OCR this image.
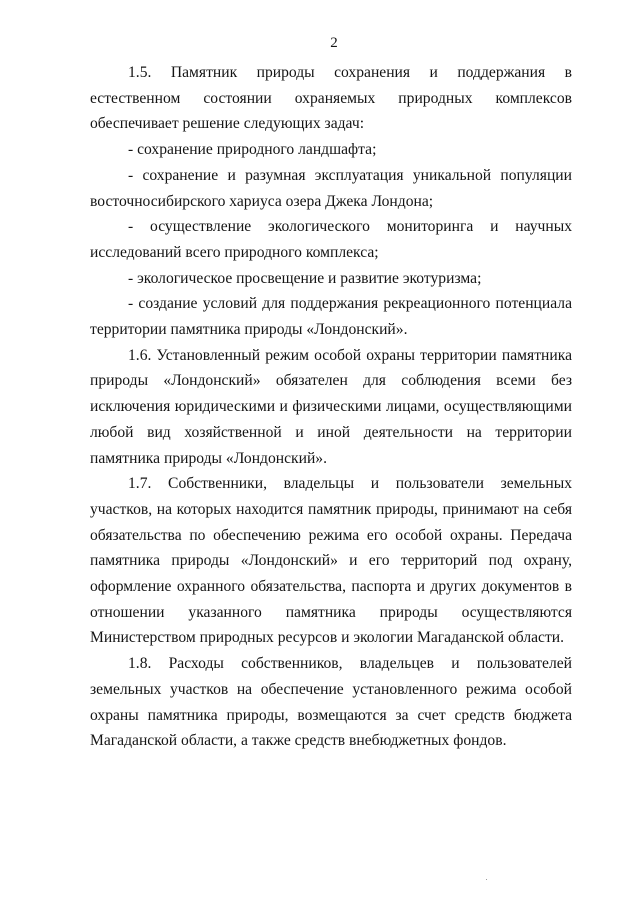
2

1.5. Памятник природы сохранения и поддержания в естественном состоянии охраняемых природных комплексов обеспечивает решение следующих задач:

- сохранение природного ландшафта;

- сохранение и разумная эксплуатация уникальной популяции восточносибирского хариуса озера Джека Лондона;

- осуществление экологического мониторинга и научных исследований всего природного комплекса;

- экологическое просвещение и развитие экотуризма;

- создание условий для поддержания рекреационного потенциала территории памятника природы «Лондонский».

1.6. Установленный режим особой охраны территории памятника природы «Лондонский» обязателен для соблюдения всеми без исключения юридическими и физическими лицами, осуществляющими любой вид хозяйственной и иной деятельности на территории памятника природы «Лондонский».

1.7. Собственники, владельцы и пользователи земельных участков, на которых находится памятник природы, принимают на себя обязательства по обеспечению режима его особой охраны. Передача памятника природы «Лондонский» и его территорий под охрану, оформление охранного обязательства, паспорта и других документов в отношении указанного памятника природы осуществляются Министерством природных ресурсов и экологии Магаданской области.

1.8. Расходы собственников, владельцев и пользователей земельных участков на обеспечение установленного режима особой охраны памятника природы, возмещаются за счет средств бюджета Магаданской области, а также средств внебюджетных фондов.
